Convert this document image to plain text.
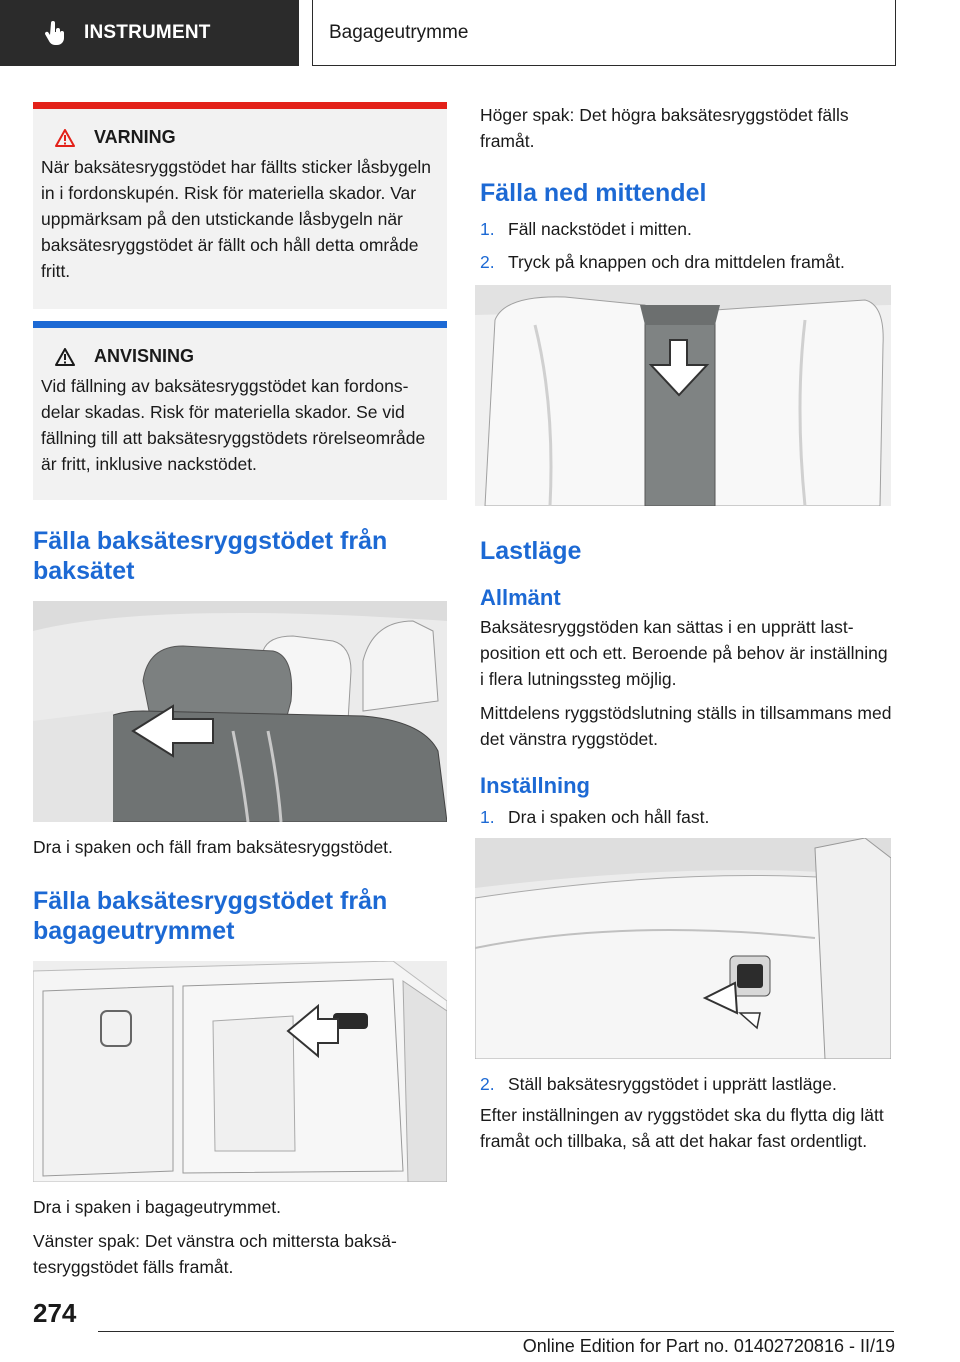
INSTRUMENT	Bagageutrymme
VARNING

När baksätesryggstödet har fällts sticker låsbygeln in i fordonskupén. Risk för materiella skador. Var uppmärksam på den utstickande låsbygeln när baksätesryggstödet är fällt och håll detta område fritt.

ANVISNING

Vid fällning av baksätesryggstödet kan fordonsdelar skadas. Risk för materiella skador. Se vid fällning till att baksätesryggstödets rörelseområde är fritt, inklusive nackstödet.

Fälla baksätesryggstödet från baksätet

Dra i spaken och fäll fram baksätesryggstödet.

Fälla baksätesryggstödet från bagageutrymmet

Dra i spaken i bagageutrymmet.

Vänster spak: Det vänstra och mittersta baksätesryggstödet fälls framåt.

Höger spak: Det högra baksätesryggstödet fälls framåt.

Fälla ned mittendel
1. Fäll nackstödet i mitten.
2. Tryck på knappen och dra mittdelen framåt.
Lastläge
Allmänt

Baksätesryggstöden kan sättas i en upprätt lastposition ett och ett. Beroende på behov är inställning i flera lutningssteg möjlig.

Mittdelens ryggstödslutning ställs in tillsammans med det vänstra ryggstödet.

Inställning
1. Dra i spaken och håll fast.
2. Ställ baksätesryggstödet i upprätt lastläge.

Efter inställningen av ryggstödet ska du flytta dig lätt framåt och tillbaka, så att det hakar fast ordentligt.

274
Online Edition for Part no. 01402720816 - II/19
